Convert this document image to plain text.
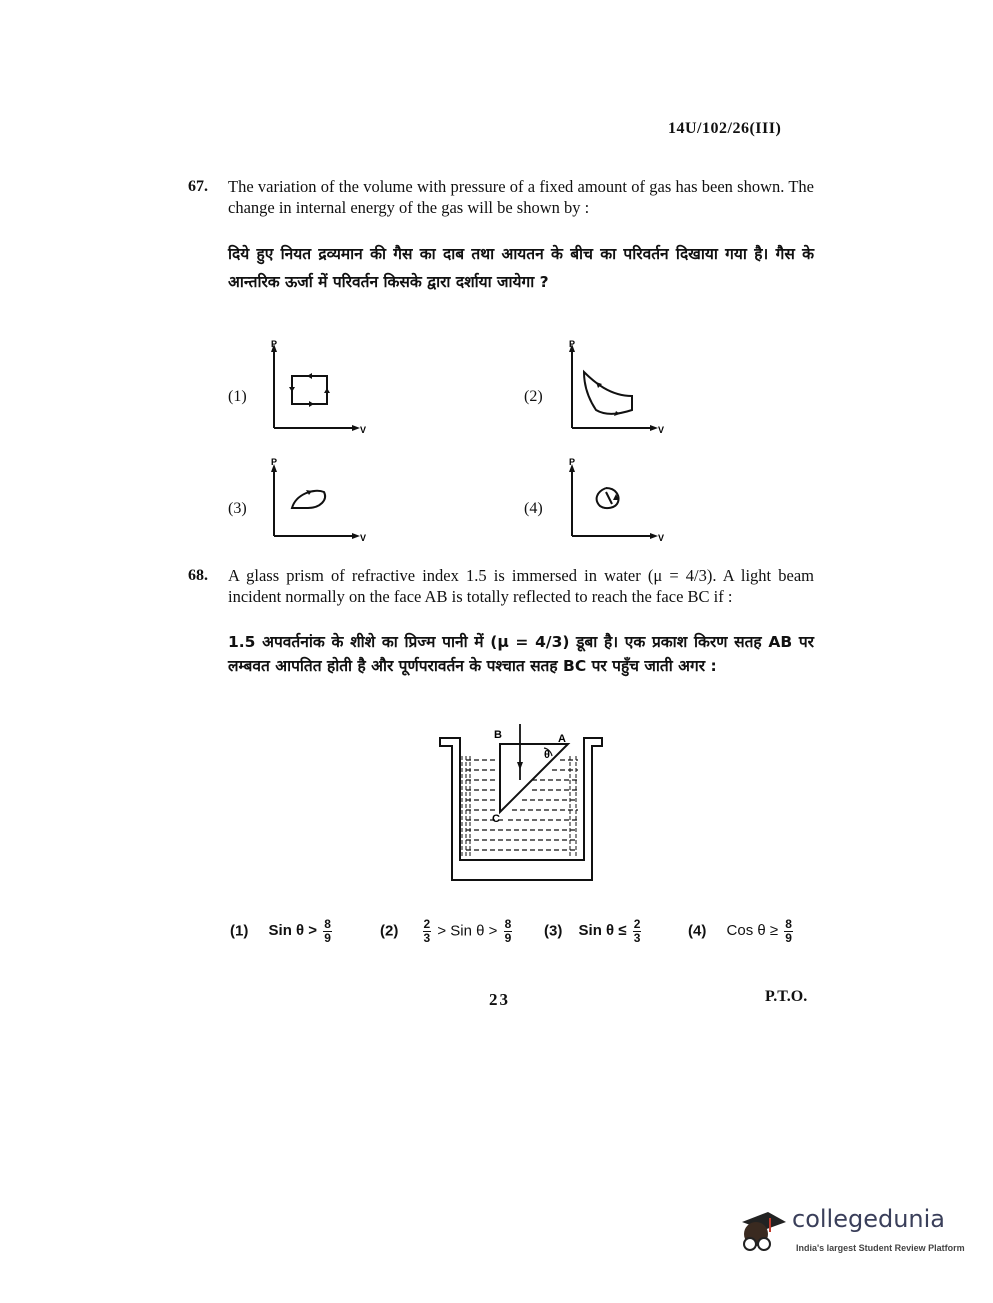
14U/102/26(III)
67. The variation of the volume with pressure of a fixed amount of gas has been shown. The change in internal energy of the gas will be shown by :
दिये हुए नियत द्रव्यमान की गैस का दाब तथा आयतन के बीच का परिवर्तन दिखाया गया है। गैस के आन्तरिक ऊर्जा में परिवर्तन किसके द्वारा दर्शाया जायेगा ?
(1)
P
V
(2)
P
V
(3)
P
V
(4)
P
V
68. A glass prism of refractive index 1.5 is immersed in water (μ = 4/3). A light beam incident normally on the face AB is totally reflected to reach the face BC if :
1.5 अपवर्तनांक के शीशे का प्रिज्म पानी में (μ = 4/3) डूबा है। एक प्रकाश किरण सतह AB पर लम्बवत आपतित होती है और पूर्णपरावर्तन के पश्चात सतह BC पर पहुँच जाती अगर :
B	A
C
θ
(1) Sin $\theta > \frac{8}{9}$	$(2) \frac{2}{3}$ > Sin $\theta > \frac{8}{9} (3)$ Sin $\theta \le \frac{2}{3}$	(4) Cos $\theta \ge \frac{8}{9}$
23	P.T.O.
collegedunia
India's largest Student Review Platform
